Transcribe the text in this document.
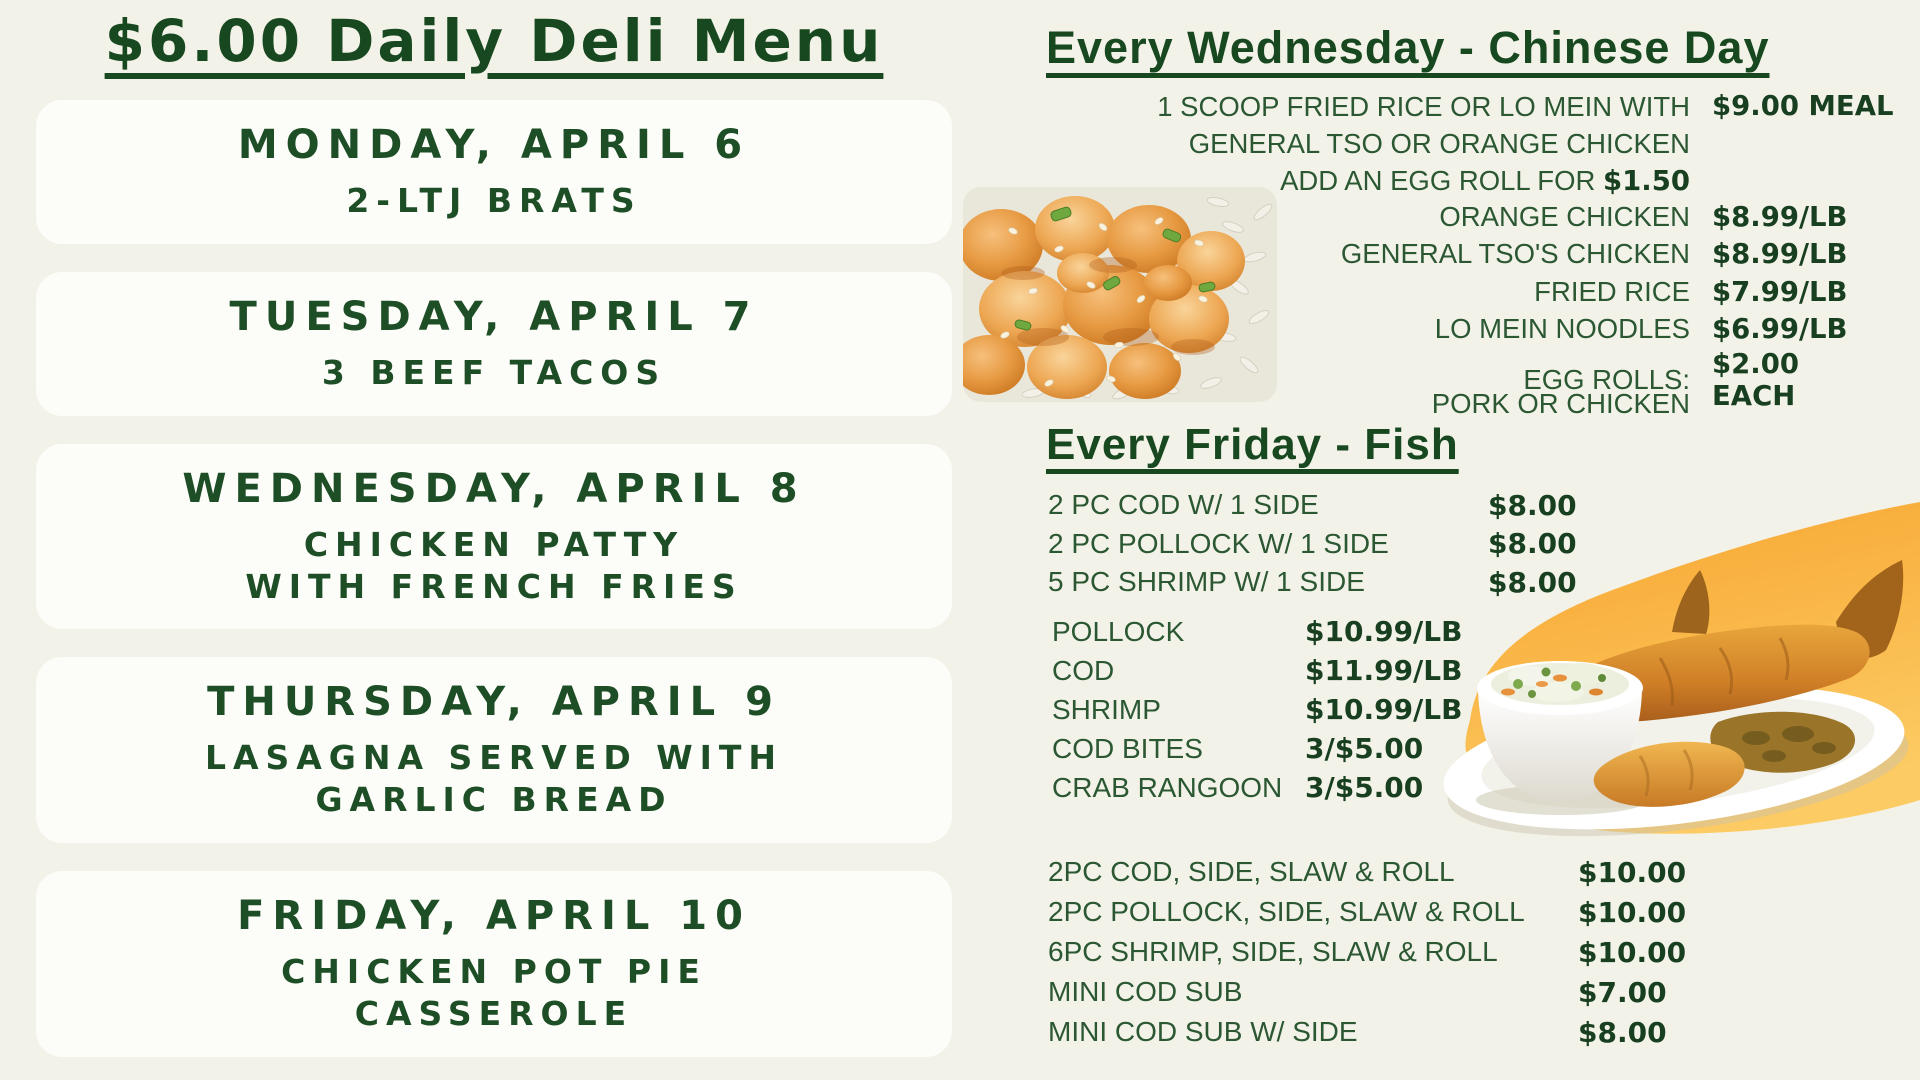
$6.00 Daily Deli Menu
MONDAY, APRIL 6
2-LTJ BRATS
TUESDAY, APRIL 7
3 BEEF TACOS
WEDNESDAY, APRIL 8
CHICKEN PATTY
WITH FRENCH FRIES
THURSDAY, APRIL 9
LASAGNA SERVED WITH
GARLIC BREAD
FRIDAY, APRIL 10
CHICKEN POT PIE
CASSEROLE
Every Wednesday - Chinese Day
1 SCOOP FRIED RICE OR LO MEIN WITH
GENERAL TSO OR ORANGE CHICKEN
ADD AN EGG ROLL FOR $1.50
$9.00 MEAL
ORANGE CHICKEN $8.99/LB
GENERAL TSO'S CHICKEN $8.99/LB
FRIED RICE $7.99/LB
LO MEIN NOODLES $6.99/LB
EGG ROLLS: $2.00 EACH
PORK OR CHICKEN
Every Friday - Fish
2 PC COD W/ 1 SIDE	$8.00
2 PC POLLOCK W/ 1 SIDE	$8.00
5 PC SHRIMP W/ 1 SIDE	$8.00
POLLOCK	$10.99/LB
COD	$11.99/LB
SHRIMP	$10.99/LB
COD BITES	3/$5.00
CRAB RANGOON 3/$5.00
2PC COD, SIDE, SLAW & ROLL	$10.00
2PC POLLOCK, SIDE, SLAW & ROLL	$10.00
6PC SHRIMP, SIDE, SLAW & ROLL	$10.00
MINI COD SUB	$7.00
MINI COD SUB W/ SIDE	$8.00
